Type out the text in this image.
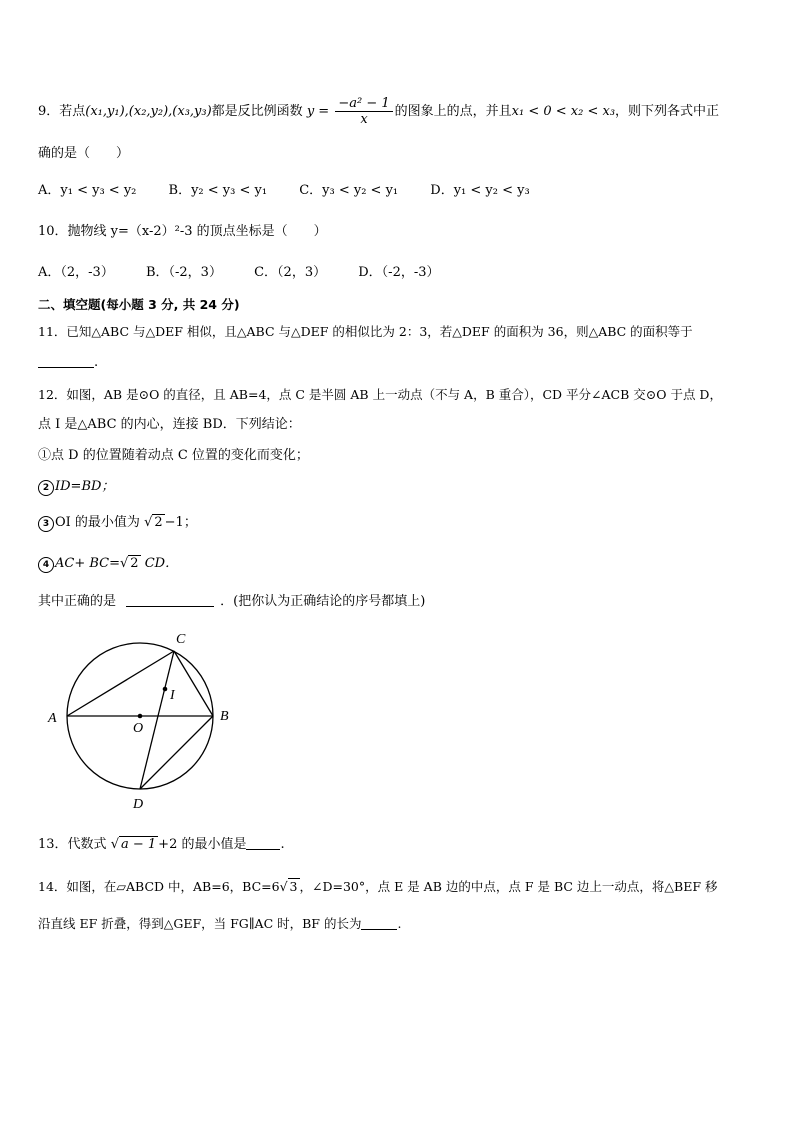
9．若点(x₁,y₁),(x₂,y₂),(x₃,y₃)都是反比例函数 $y = \frac{\text{−a² − 1}}{x}$ 的图象上的点，并且x₁ < 0 < x₂ < x₃，则下列各式中正
确的是（　　）
A．y₁ < y₃ < y₂ B．y₂ < y₃ < y₁ C．y₃ < y₂ < y₁ D．y₁ < y₂ < y₃
10．抛物线 y=（x-2）²-3 的顶点坐标是（　　）
A．（2，-3） B．（-2，3） C．（2，3） D．（-2，-3）
二、填空题(每小题 3 分, 共 24 分)
11．已知△ABC 与△DEF 相似，且△ABC 与△DEF 的相似比为 2：3，若△DEF 的面积为 36，则△ABC 的面积等于
.
12．如图，AB 是⊙O 的直径，且 AB=4，点 C 是半圆 AB 上一动点（不与 A，B 重合），CD 平分∠ACB 交⊙O 于点 D，
点 I 是△ABC 的内心，连接 BD．下列结论：
①点 D 的位置随着动点 C 位置的变化而变化；
2 ID=BD；
3 OI 的最小值为 √ 2 −1；
4 AC+ BC=√ 2 CD．
其中正确的是	．(把你认为正确结论的序号都填上)
A	B
C
D
O
I
13．代数式 √ a − 1 +2 的最小值是	.
14．如图，在▱ABCD 中，AB=6，BC=6√ 3 ，∠D=30°，点 E 是 AB 边的中点，点 F 是 BC 边上一动点，将△BEF 移
沿直线 EF 折叠，得到△GEF，当 FG∥AC 时，BF 的长为	.
